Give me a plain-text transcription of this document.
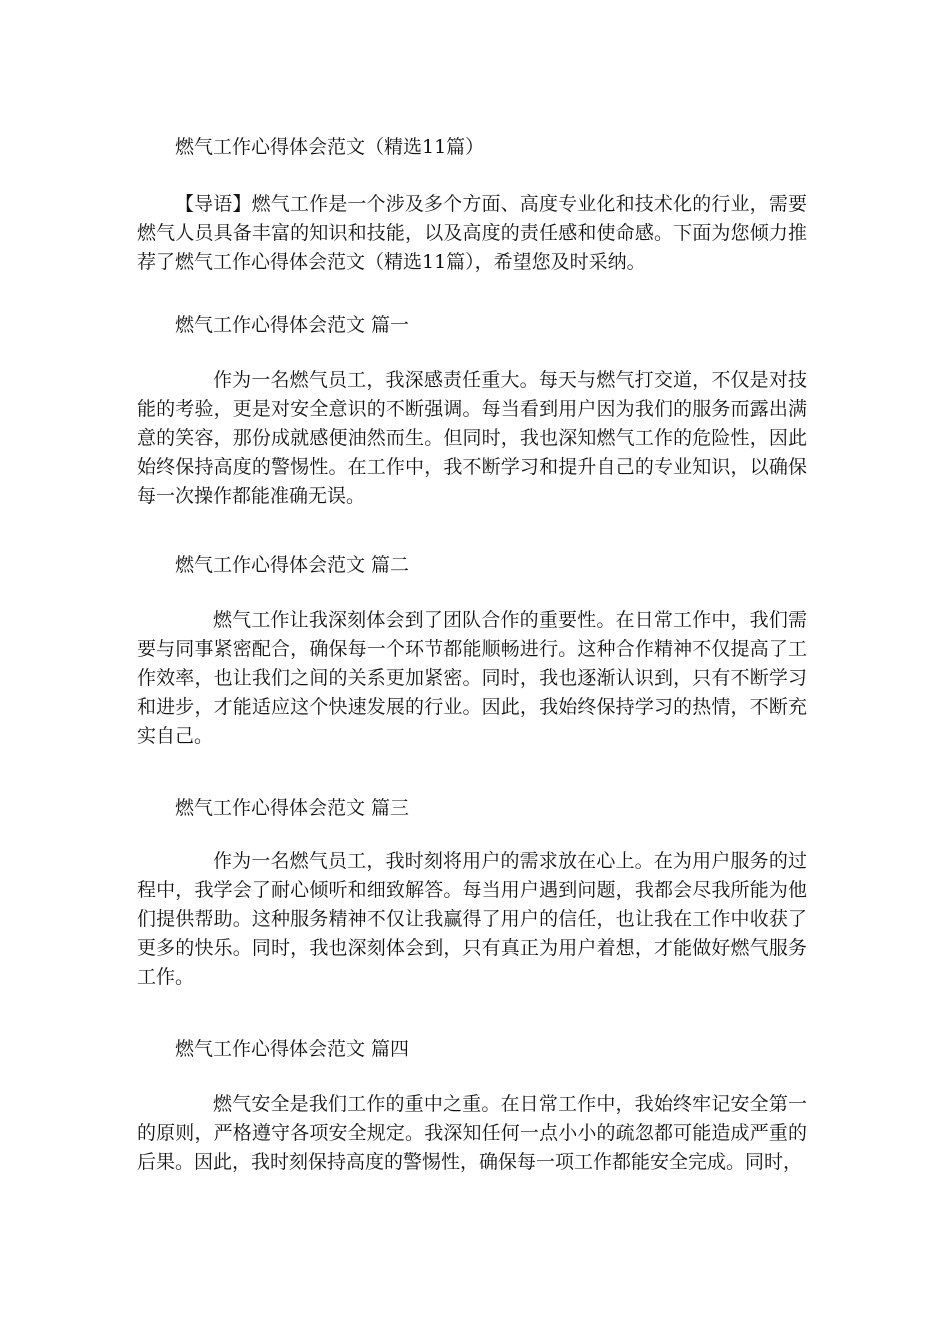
燃气工作心得体会范文（精选11篇）

【导语】燃气工作是一个涉及多个方面、高度专业化和技术化的行业，需要燃气人员具备丰富的知识和技能，以及高度的责任感和使命感。下面为您倾力推荐了燃气工作心得体会范文（精选11篇），希望您及时采纳。

燃气工作心得体会范文 篇一

作为一名燃气员工，我深感责任重大。每天与燃气打交道，不仅是对技能的考验，更是对安全意识的不断强调。每当看到用户因为我们的服务而露出满意的笑容，那份成就感便油然而生。但同时，我也深知燃气工作的危险性，因此始终保持高度的警惕性。在工作中，我不断学习和提升自己的专业知识，以确保每一次操作都能准确无误。

燃气工作心得体会范文 篇二

燃气工作让我深刻体会到了团队合作的重要性。在日常工作中，我们需要与同事紧密配合，确保每一个环节都能顺畅进行。这种合作精神不仅提高了工作效率，也让我们之间的关系更加紧密。同时，我也逐渐认识到，只有不断学习和进步，才能适应这个快速发展的行业。因此，我始终保持学习的热情，不断充实自己。

燃气工作心得体会范文 篇三

作为一名燃气员工，我时刻将用户的需求放在心上。在为用户服务的过程中，我学会了耐心倾听和细致解答。每当用户遇到问题，我都会尽我所能为他们提供帮助。这种服务精神不仅让我赢得了用户的信任，也让我在工作中收获了更多的快乐。同时，我也深刻体会到，只有真正为用户着想，才能做好燃气服务工作。

燃气工作心得体会范文 篇四

燃气安全是我们工作的重中之重。在日常工作中，我始终牢记安全第一的原则，严格遵守各项安全规定。我深知任何一点小小的疏忽都可能造成严重的后果。因此，我时刻保持高度的警惕性，确保每一项工作都能安全完成。同时，
